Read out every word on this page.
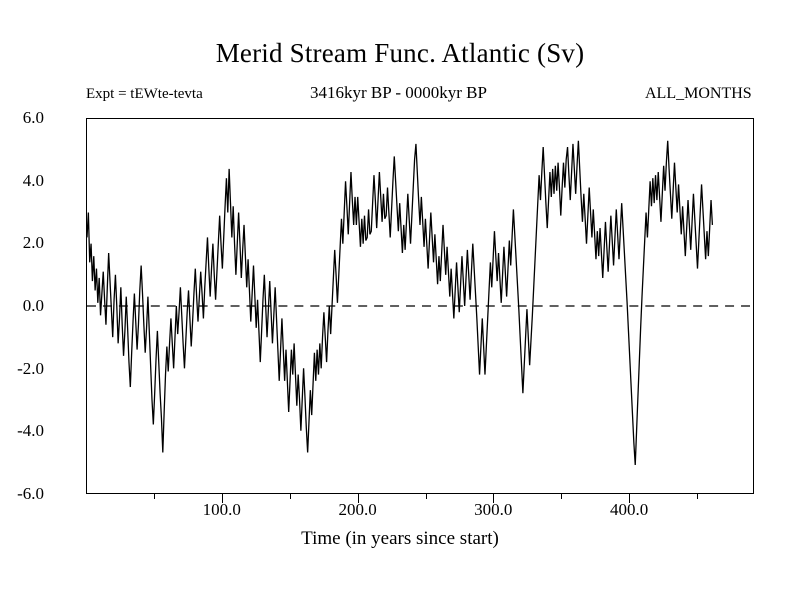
Merid Stream Func. Atlantic (Sv)
Expt = tEWte-tevta	3416kyr BP - 0000kyr BP	ALL_MONTHS
6.0
4.0
2.0
0.0
-2.0
-4.0
-6.0
100.0	200.0	300.0	400.0
Time (in years since start)
